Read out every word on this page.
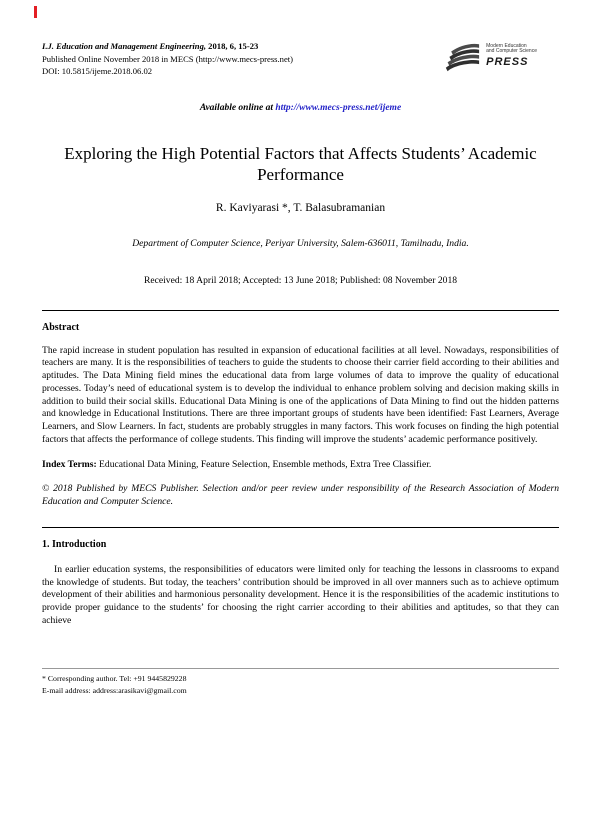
I.J. Education and Management Engineering, 2018, 6, 15-23
Published Online November 2018 in MECS (http://www.mecs-press.net)
DOI: 10.5815/ijeme.2018.06.02
Modern Education
and Computer Science
PRESS
Available online at http://www.mecs-press.net/ijeme
Exploring the High Potential Factors that Affects Students’ Academic Performance
R. Kaviyarasi *, T. Balasubramanian
Department of Computer Science, Periyar University, Salem-636011, Tamilnadu, India.
Received: 18 April 2018; Accepted: 13 June 2018; Published: 08 November 2018
Abstract

The rapid increase in student population has resulted in expansion of educational facilities at all level. Nowadays, responsibilities of teachers are many. It is the responsibilities of teachers to guide the students to choose their carrier field according to their abilities and aptitudes. The Data Mining field mines the educational data from large volumes of data to improve the quality of educational processes. Today’s need of educational system is to develop the individual to enhance problem solving and decision making skills in addition to build their social skills. Educational Data Mining is one of the applications of Data Mining to find out the hidden patterns and knowledge in Educational Institutions. There are three important groups of students have been identified: Fast Learners, Average Learners, and Slow Learners. In fact, students are probably struggles in many factors. This work focuses on finding the high potential factors that affects the performance of college students. This finding will improve the students’ academic performance positively.

Index Terms: Educational Data Mining, Feature Selection, Ensemble methods, Extra Tree Classifier.

© 2018 Published by MECS Publisher. Selection and/or peer review under responsibility of the Research Association of Modern Education and Computer Science.

1. Introduction

In earlier education systems, the responsibilities of educators were limited only for teaching the lessons in classrooms to expand the knowledge of students. But today, the teachers’ contribution should be improved in all over manners such as to achieve optimum development of their abilities and harmonious personality development. Hence it is the responsibilities of the academic institutions to provide proper guidance to the students’ for choosing the right carrier according to their abilities and aptitudes, so that they can achieve

* Corresponding author. Tel: +91 9445829228
E-mail address: address:arasikavi@gmail.com
